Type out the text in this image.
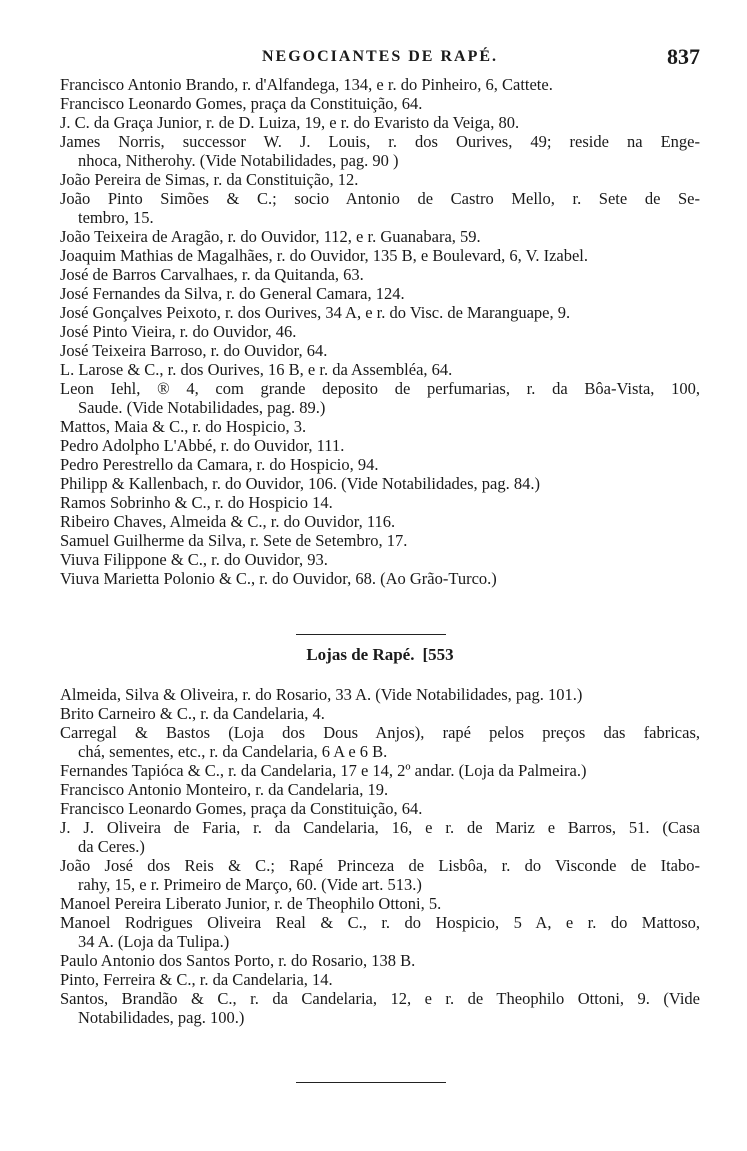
NEGOCIANTES DE RAPÉ.	837
Francisco Antonio Brando, r. d'Alfandega, 134, e r. do Pinheiro, 6, Cattete.
Francisco Leonardo Gomes, praça da Constituição, 64.
J. C. da Graça Junior, r. de D. Luiza, 19, e r. do Evaristo da Veiga, 80.
James Norris, successor W. J. Louis, r. dos Ourives, 49; reside na Enge-
nhoca, Nitherohy. (Vide Notabilidades, pag. 90 )
João Pereira de Simas, r. da Constituição, 12.
João Pinto Simões & C.; socio Antonio de Castro Mello, r. Sete de Se-
tembro, 15.
João Teixeira de Aragão, r. do Ouvidor, 112, e r. Guanabara, 59.
Joaquim Mathias de Magalhães, r. do Ouvidor, 135 B, e Boulevard, 6, V. Izabel.
José de Barros Carvalhaes, r. da Quitanda, 63.
José Fernandes da Silva, r. do General Camara, 124.
José Gonçalves Peixoto, r. dos Ourives, 34 A, e r. do Visc. de Maranguape, 9.
José Pinto Vieira, r. do Ouvidor, 46.
José Teixeira Barroso, r. do Ouvidor, 64.
L. Larose & C., r. dos Ourives, 16 B, e r. da Assembléa, 64.
Leon Iehl, ® 4, com grande deposito de perfumarias, r. da Bôa-Vista, 100,
Saude. (Vide Notabilidades, pag. 89.)
Mattos, Maia & C., r. do Hospicio, 3.
Pedro Adolpho L'Abbé, r. do Ouvidor, 111.
Pedro Perestrello da Camara, r. do Hospicio, 94.
Philipp & Kallenbach, r. do Ouvidor, 106. (Vide Notabilidades, pag. 84.)
Ramos Sobrinho & C., r. do Hospicio 14.
Ribeiro Chaves, Almeida & C., r. do Ouvidor, 116.
Samuel Guilherme da Silva, r. Sete de Setembro, 17.
Viuva Filippone & C., r. do Ouvidor, 93.
Viuva Marietta Polonio & C., r. do Ouvidor, 68. (Ao Grão-Turco.)
Lojas de Rapé. [553
Almeida, Silva & Oliveira, r. do Rosario, 33 A. (Vide Notabilidades, pag. 101.)
Brito Carneiro & C., r. da Candelaria, 4.
Carregal & Bastos (Loja dos Dous Anjos), rapé pelos preços das fabricas,
chá, sementes, etc., r. da Candelaria, 6 A e 6 B.
Fernandes Tapióca & C., r. da Candelaria, 17 e 14, 2º andar. (Loja da Palmeira.)
Francisco Antonio Monteiro, r. da Candelaria, 19.
Francisco Leonardo Gomes, praça da Constituição, 64.
J. J. Oliveira de Faria, r. da Candelaria, 16, e r. de Mariz e Barros, 51. (Casa
da Ceres.)
João José dos Reis & C.; Rapé Princeza de Lisbôa, r. do Visconde de Itabo-
rahy, 15, e r. Primeiro de Março, 60. (Vide art. 513.)
Manoel Pereira Liberato Junior, r. de Theophilo Ottoni, 5.
Manoel Rodrigues Oliveira Real & C., r. do Hospicio, 5 A, e r. do Mattoso,
34 A. (Loja da Tulipa.)
Paulo Antonio dos Santos Porto, r. do Rosario, 138 B.
Pinto, Ferreira & C., r. da Candelaria, 14.
Santos, Brandão & C., r. da Candelaria, 12, e r. de Theophilo Ottoni, 9. (Vide
Notabilidades, pag. 100.)
